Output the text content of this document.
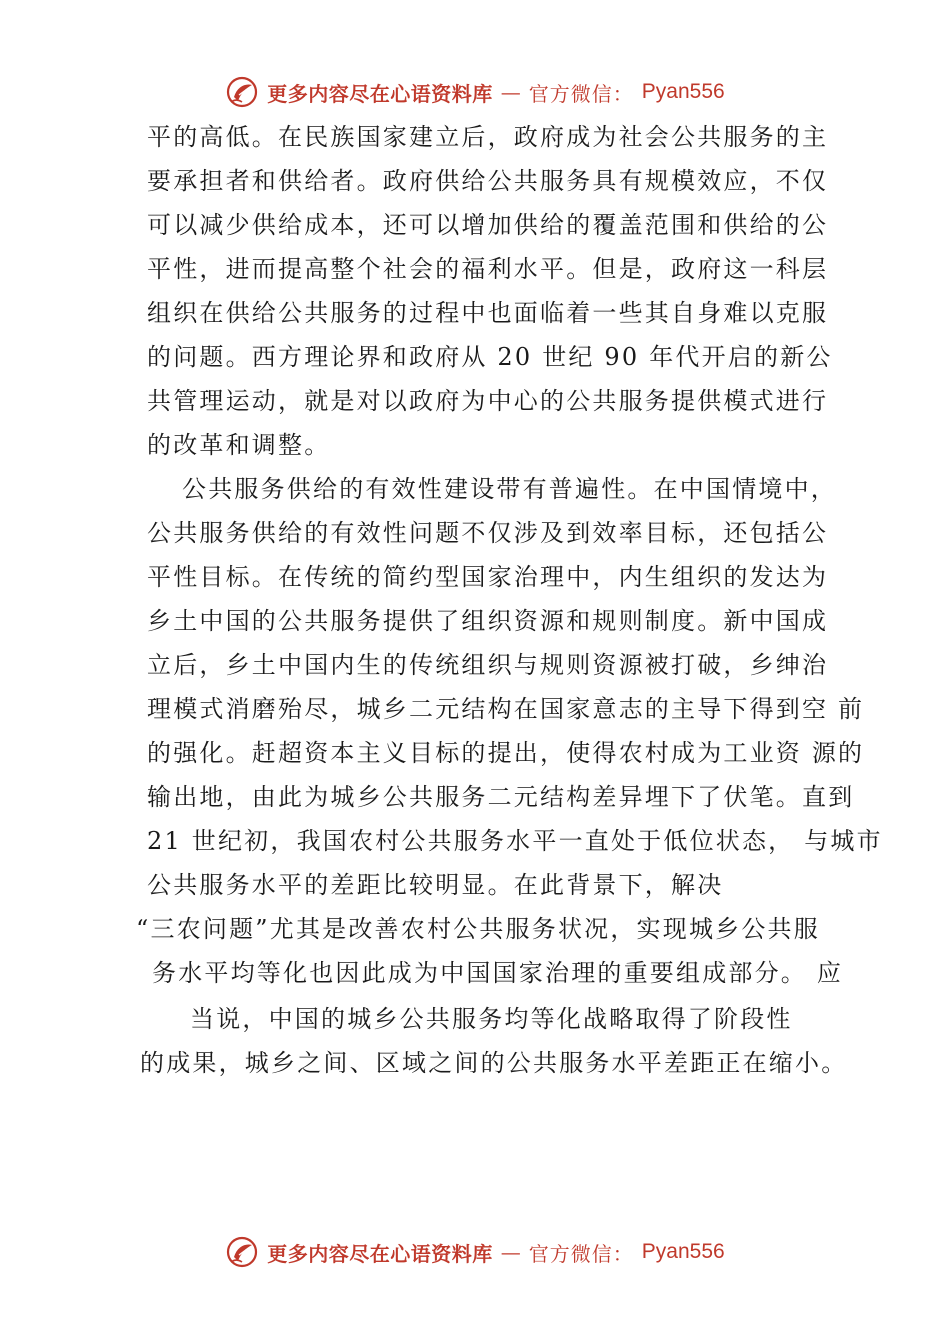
更多内容尽在心语资料库 — 官方微信： Pyan556
平的高低。在民族国家建立后，政府成为社会公共服务的主
要承担者和供给者。政府供给公共服务具有规模效应，不仅
可以减少供给成本，还可以增加供给的覆盖范围和供给的公
平性，进而提高整个社会的福利水平。但是，政府这一科层
组织在供给公共服务的过程中也面临着一些其自身难以克服
的问题。西方理论界和政府从 20 世纪 90 年代开启的新公
共管理运动，就是对以政府为中心的公共服务提供模式进行
的改革和调整。
公共服务供给的有效性建设带有普遍性。在中国情境中，
公共服务供给的有效性问题不仅涉及到效率目标，还包括公
平性目标。在传统的简约型国家治理中，内生组织的发达为
乡土中国的公共服务提供了组织资源和规则制度。新中国成
立后，乡土中国内生的传统组织与规则资源被打破，乡绅治
理模式消磨殆尽，城乡二元结构在国家意志的主导下得到空 前
的强化。赶超资本主义目标的提出，使得农村成为工业资 源的
输出地，由此为城乡公共服务二元结构差异埋下了伏笔。直到
21 世纪初，我国农村公共服务水平一直处于低位状态， 与城市
公共服务水平的差距比较明显。在此背景下，解决
“三农问题”尤其是改善农村公共服务状况，实现城乡公共服
务水平均等化也因此成为中国国家治理的重要组成部分。 应
当说，中国的城乡公共服务均等化战略取得了阶段性
的成果，城乡之间、区域之间的公共服务水平差距正在缩小。
更多内容尽在心语资料库 — 官方微信： Pyan556
